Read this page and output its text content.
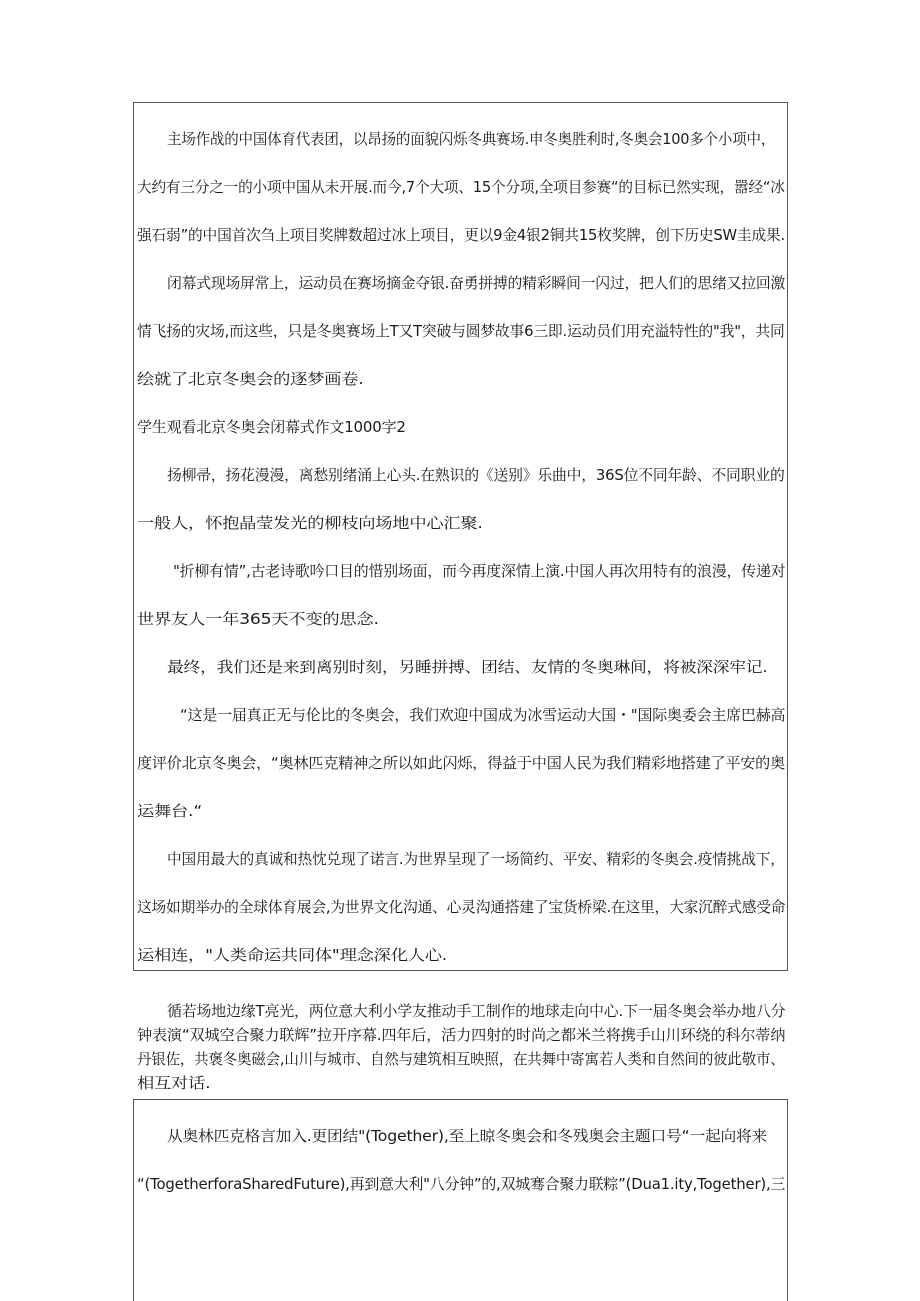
主场作战的中国体育代表团，以昂扬的面貌闪烁冬典赛场.申冬奥胜利时,冬奥会100多个小项中，
大约有三分之一的小项中国从未开展.而今,7个大项、15个分项,全项目参赛“的目标已然实现，嚣经“冰
强石弱”的中国首次刍上项目奖牌数超过冰上项目，更以9金4银2铜共15枚奖牌，创下历史SW圭成果.
闭幕式现场屏常上，运动员在赛场摘金夺银.奋勇拼搏的精彩瞬间一闪过，把人们的思绪又拉回激
情飞扬的灾场,而这些，只是冬奥赛场上T又T突破与圆梦故事6三即.运动员们用充溢特性的"我"，共同
绘就了北京冬奥会的逐梦画卷.
学生观看北京冬奥会闭幕式作文1000字2
扬柳帚，扬花漫漫，离愁别绪涌上心头.在熟识的《送别》乐曲中，36S位不同年龄、不同职业的
一般人，怀抱晶莹发光的柳枝向场地中心汇聚.
"折柳有情”,古老诗歌吟口目的惜别场面，而今再度深情上演.中国人再次用特有的浪漫，传递对
世界友人一年365天不变的思念.
最终，我们还是来到离别时刻，另睡拼搏、团结、友情的冬奥琳间，将被深深牢记.
“这是一届真正无与伦比的冬奥会，我们欢迎中国成为冰雪运动大国・"国际奥委会主席巴赫高
度评价北京冬奥会，“奥林匹克精神之所以如此闪烁，得益于中国人民为我们精彩地搭建了平安的奥
运舞台.“
中国用最大的真诚和热忱兑现了诺言.为世界呈现了一场简约、平安、精彩的冬奥会.疫情挑战下，
这场如期举办的全球体育展会,为世界文化沟通、心灵沟通搭建了宝货桥梁.在这里，大家沉醉式感受命
运相连，"人类命运共同体"理念深化人心.
循若场地边缘T亮光，两位意大利小学友推动手工制作的地球走向中心.下一届冬奥会举办地八分
钟表演“双城空合聚力联辉”拉开序幕.四年后，活力四射的时尚之都米兰将携手山川环绕的科尔蒂纳
丹银佐，共褒冬奥磁会,山川与城市、自然与建筑相互映照，在共舞中寄寓若人类和自然间的彼此敬市、
相互对话.
从奥林匹克格言加入.更团结"(Together),至上晾冬奥会和冬残奥会主题口号“一起向将来
“(TogetherforaSharedFuture),再到意大利"八分钟”的,双城骞合聚力联粽”(Dua1.ity,Together),三
